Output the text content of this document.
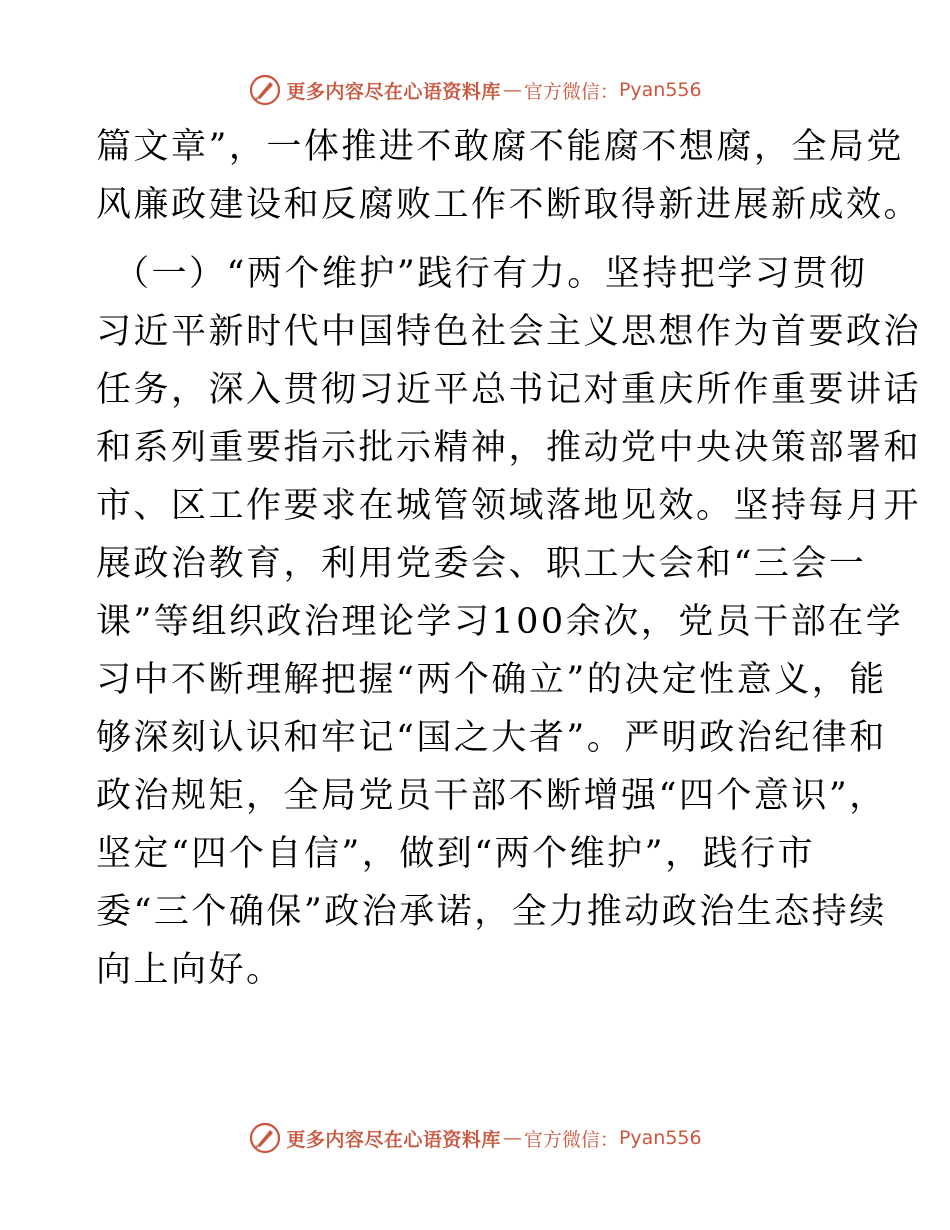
更多内容尽在心语资料库 — 官方微信： Pyan556
篇文章”，一体推进不敢腐不能腐不想腐，全局党
风廉政建设和反腐败工作不断取得新进展新成效。
（一）“两个维护”践行有力。坚持把学习贯彻
习近平新时代中国特色社会主义思想作为首要政治
任务，深入贯彻习近平总书记对重庆所作重要讲话
和系列重要指示批示精神，推动党中央决策部署和
市、区工作要求在城管领域落地见效。坚持每月开
展政治教育，利用党委会、职工大会和“三会一
课”等组织政治理论学习100余次，党员干部在学
习中不断理解把握“两个确立”的决定性意义，能
够深刻认识和牢记“国之大者”。严明政治纪律和
政治规矩，全局党员干部不断增强“四个意识”，
坚定“四个自信”，做到“两个维护”，践行市
委“三个确保”政治承诺，全力推动政治生态持续
向上向好。
更多内容尽在心语资料库 — 官方微信： Pyan556
